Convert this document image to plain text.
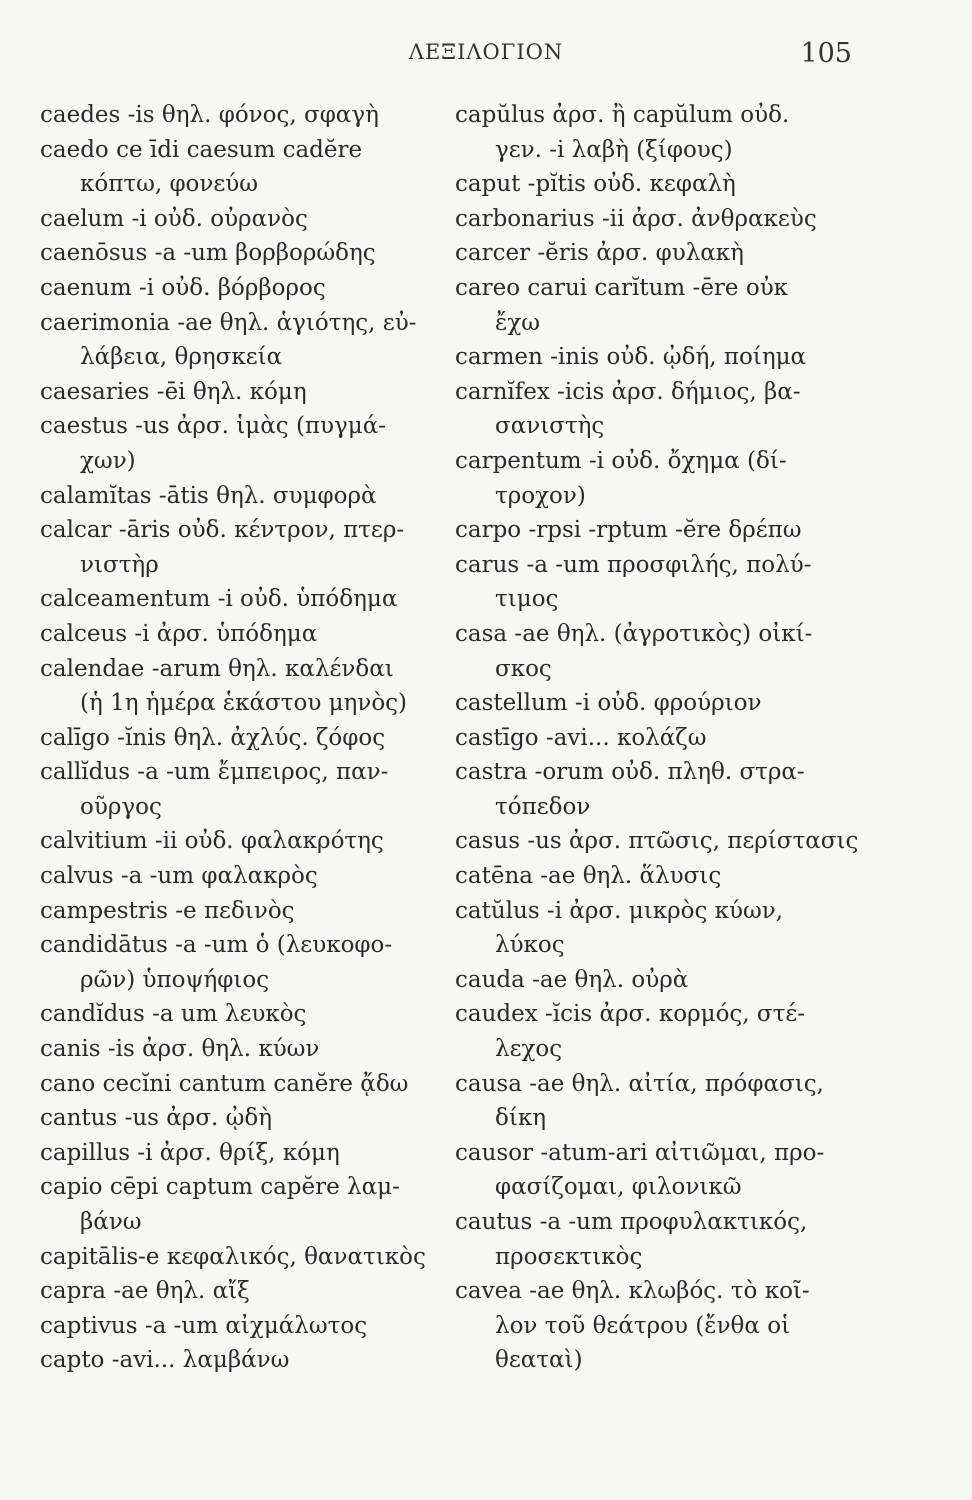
ΛΕΞΙΛΟΓΙΟΝ	105
caedes -is θηλ. φόνος, σφαγὴ
caedo ce īdi caesum cadĕre
κόπτω, φονεύω
caelum -i οὐδ. οὐρανὸς
caenōsus -a -um βορβορώδης
caenum -i οὐδ. βόρβορος
caerimonia -ae θηλ. ἁγιότης, εὐ-
λάβεια, θρησκεία
caesaries -ēi θηλ. κόμη
caestus -us ἀρσ. ἱμὰς (πυγμά-
χων)
calamĭtas -ātis θηλ. συμφορὰ
calcar -āris οὐδ. κέντρον, πτερ-
νιστὴρ
calceamentum -i οὐδ. ὑπόδημα
calceus -i ἀρσ. ὑπόδημα
calendae -arum θηλ. καλένδαι
(ἡ 1η ἡμέρα ἑκάστου μηνὸς)
calīgo -ĭnis θηλ. ἀχλύς. ζόφος
callĭdus -a -um ἔμπειρος, παν-
οῦργος
calvitium -ii οὐδ. φαλακρότης
calvus -a -um φαλακρὸς
campestris -e πεδινὸς
candidātus -a -um ὁ (λευκοφο-
ρῶν) ὑποψήφιος
candĭdus -a um λευκὸς
canis -is ἀρσ. θηλ. κύων
cano cecĭni cantum canĕre ᾄδω
cantus -us ἀρσ. ᾠδὴ
capillus -i ἀρσ. θρίξ, κόμη
capio cēpi captum capĕre λαμ-
βάνω
capitālis-e κεφαλικός, θανατικὸς
capra -ae θηλ. αἴξ
captivus -a -um αἰχμάλωτος
capto -avi... λαμβάνω
capŭlus ἀρσ. ἢ capŭlum οὐδ.
γεν. -i λαβὴ (ξίφους)
caput -pĭtis οὐδ. κεφαλὴ
carbonarius -ii ἀρσ. ἀνθρακεὺς
carcer -ĕris ἀρσ. φυλακὴ
careo carui carĭtum -ēre οὐκ
ἔχω
carmen -inis οὐδ. ᾠδή, ποίημα
carnĭfex -icis ἀρσ. δήμιος, βα-
σανιστὴς
carpentum -i οὐδ. ὄχημα (δί-
τροχον)
carpo -rpsi -rptum -ĕre δρέπω
carus -a -um προσφιλής, πολύ-
τιμος
casa -ae θηλ. (ἀγροτικὸς) οἰκί-
σκος
castellum -i οὐδ. φρούριον
castīgo -avi... κολάζω
castra -orum οὐδ. πληθ. στρα-
τόπεδον
casus -us ἀρσ. πτῶσις, περίστασις
catēna -ae θηλ. ἅλυσις
catŭlus -i ἀρσ. μικρὸς κύων,
λύκος
cauda -ae θηλ. οὐρὰ
caudex -ĭcis ἀρσ. κορμός, στέ-
λεχος
causa -ae θηλ. αἰτία, πρόφασις,
δίκη
causor -atum-ari αἰτιῶμαι, προ-
φασίζομαι, φιλονικῶ
cautus -a -um προφυλακτικός,
προσεκτικὸς
cavea -ae θηλ. κλωβός. τὸ κοῖ-
λον τοῦ θεάτρου (ἔνθα οἱ
θεαταὶ)
